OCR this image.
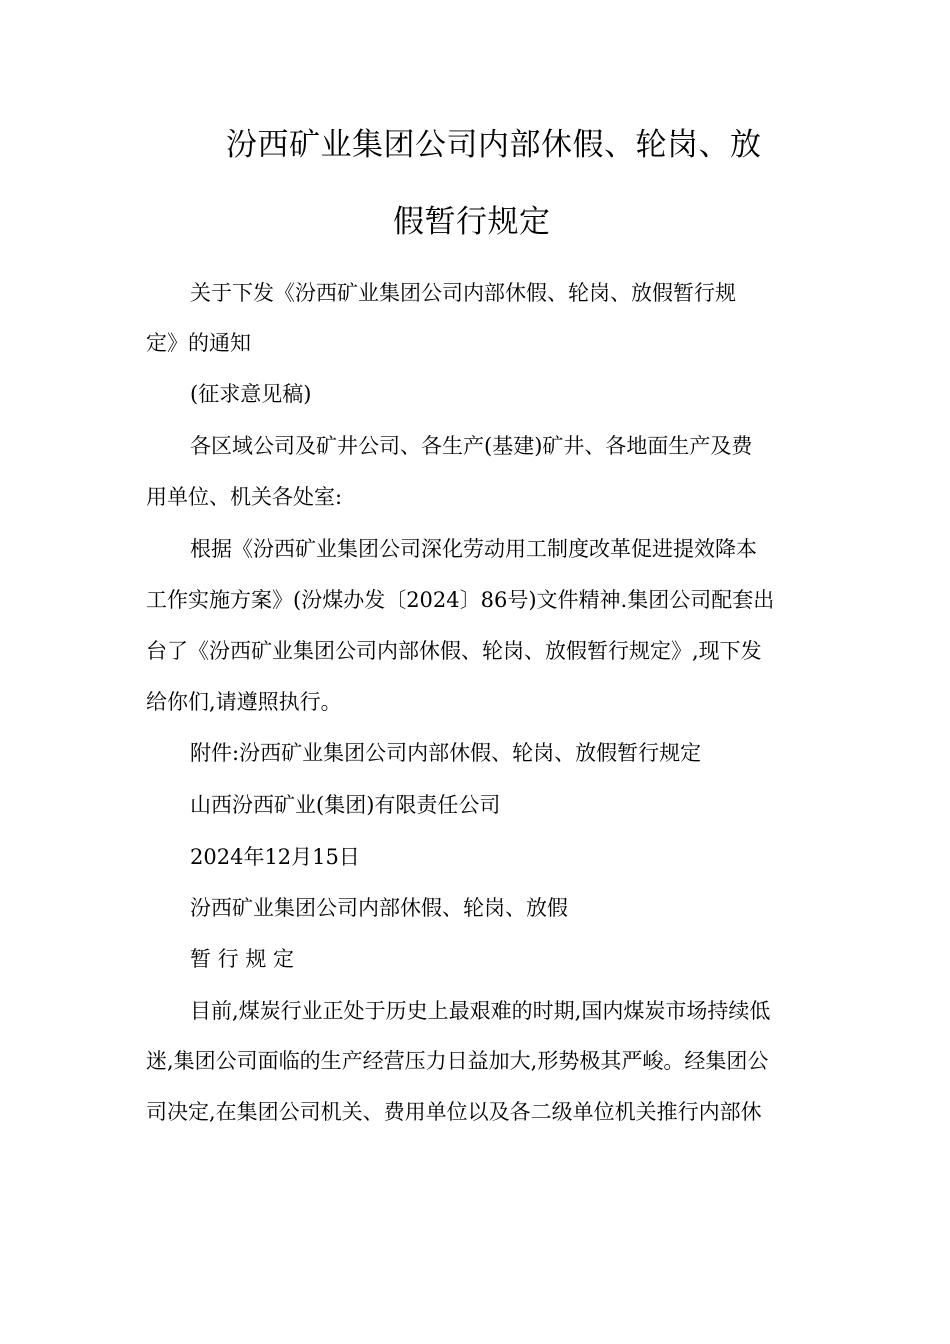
汾西矿业集团公司内部休假、轮岗、放
假暂行规定
关于下发《汾西矿业集团公司内部休假、轮岗、放假暂行规
定》的通知
(征求意见稿)
各区域公司及矿井公司、各生产(基建)矿井、各地面生产及费
用单位、机关各处室:
根据《汾西矿业集团公司深化劳动用工制度改革促进提效降本
工作实施方案》(汾煤办发〔2024〕86号)文件精神.集团公司配套出
台了《汾西矿业集团公司内部休假、轮岗、放假暂行规定》,现下发
给你们,请遵照执行。
附件:汾西矿业集团公司内部休假、轮岗、放假暂行规定
山西汾西矿业(集团)有限责任公司
2024年12月15日
汾西矿业集团公司内部休假、轮岗、放假
暂 行 规 定
目前,煤炭行业正处于历史上最艰难的时期,国内煤炭市场持续低
迷,集团公司面临的生产经营压力日益加大,形势极其严峻。经集团公
司决定,在集团公司机关、费用单位以及各二级单位机关推行内部休
